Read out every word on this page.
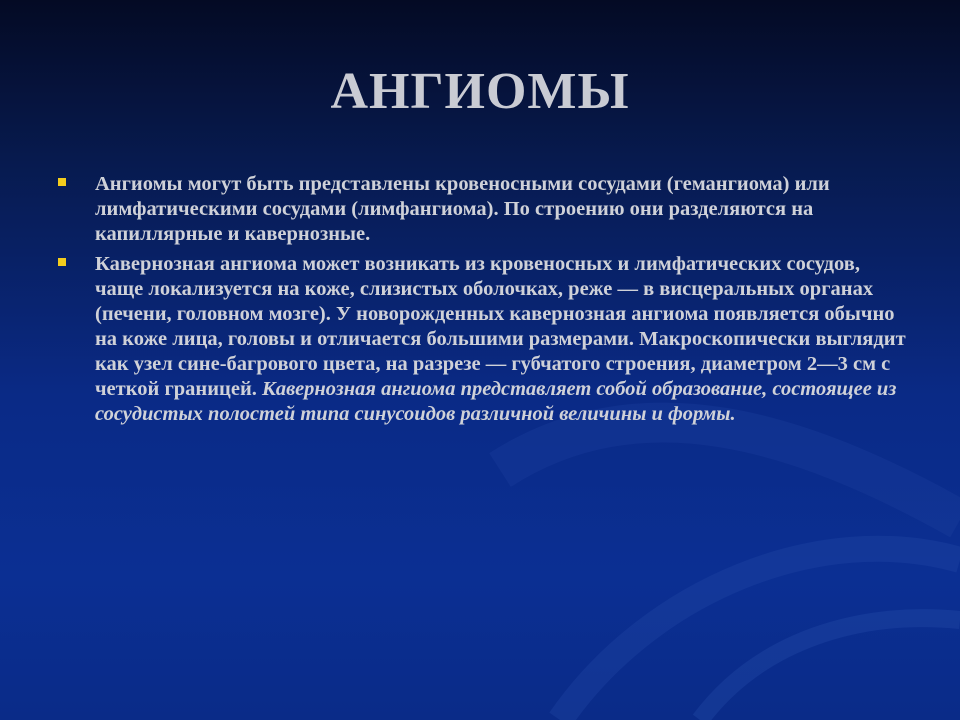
АНГИОМЫ
Ангиомы могут быть представлены кровеносными сосудами (гемангиома) или лимфатическими сосудами (лимфангиома). По строению они разделяются на капиллярные и кавернозные.
Кавернозная ангиома может возникать из кровеносных и лимфатических сосудов, чаще локализуется на коже, слизистых оболочках, реже — в висцеральных органах (печени, головном мозге). У новорожденных кавернозная ангиома появляется обычно на коже лица, головы и отличается большими размерами. Макроскопически выглядит как узел сине-багрового цвета, на разрезе — губчатого строения, диаметром 2—3 см с четкой границей. Кавернозная ангиома представляет собой образование, состоящее из сосудистых полостей типа синусоидов различной величины и формы.
